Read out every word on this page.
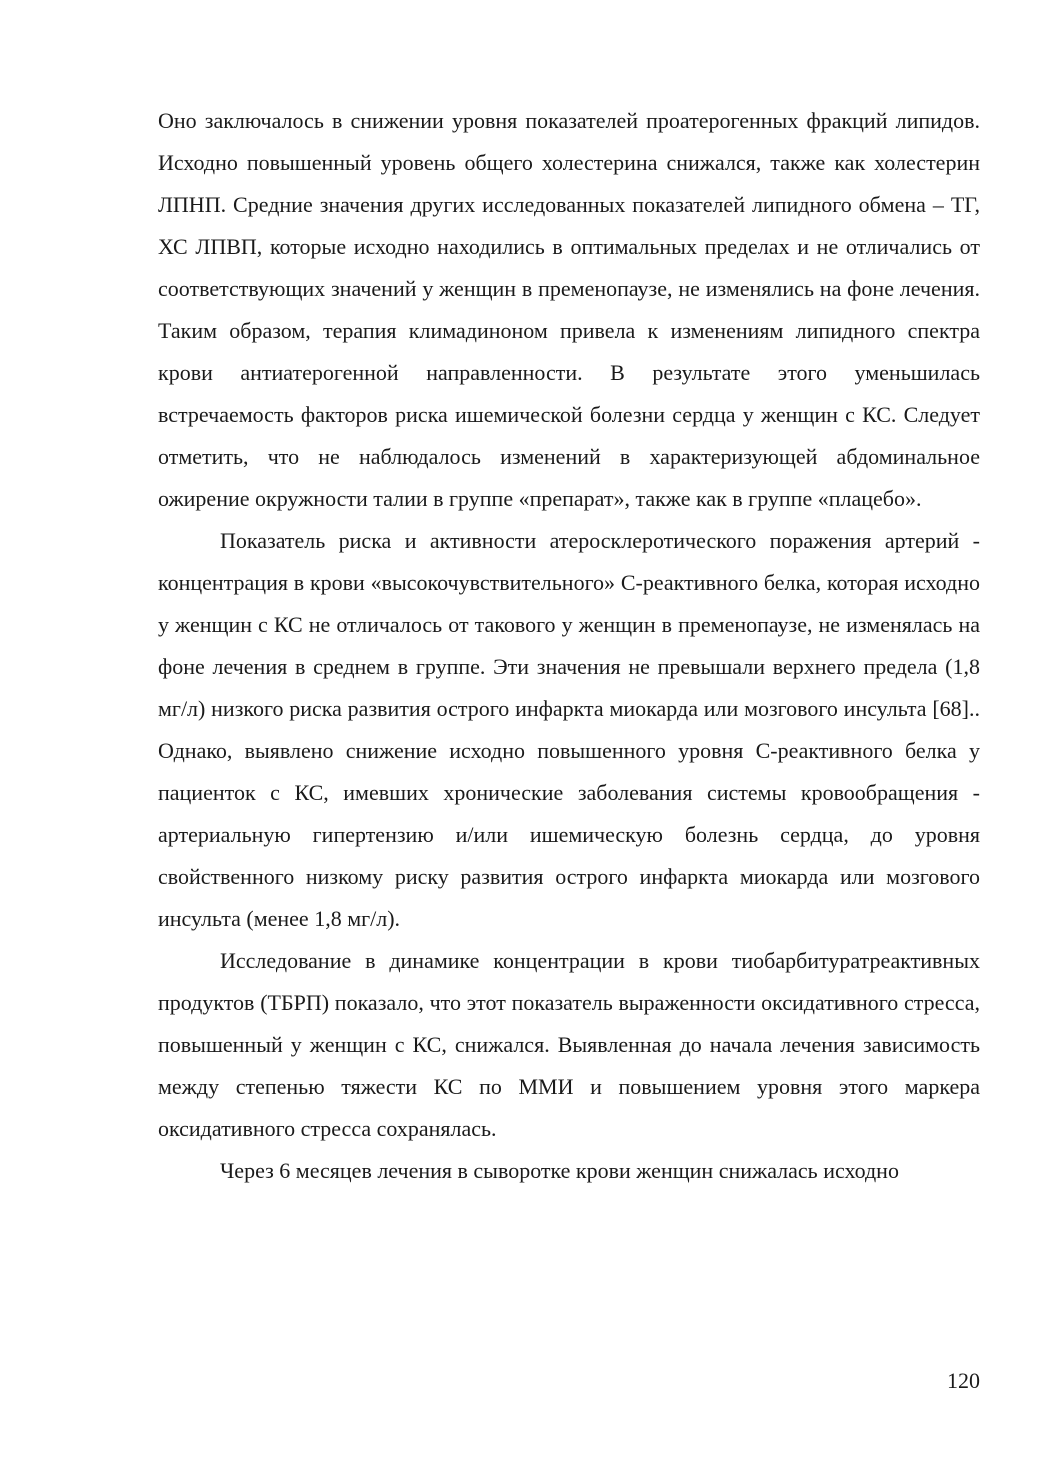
Оно заключалось в снижении уровня показателей проатерогенных фракций липидов. Исходно повышенный уровень общего холестерина снижался, также как холестерин ЛПНП. Средние значения других исследованных показателей липидного обмена – ТГ, ХС ЛПВП, которые исходно находились в оптимальных пределах и не отличались от соответствующих значений у женщин в пременопаузе, не изменялись на фоне лечения. Таким образом, терапия климадиноном привела к изменениям липидного спектра крови антиатерогенной направленности. В результате этого уменьшилась встречаемость факторов риска ишемической болезни сердца у женщин с КС. Следует отметить, что не наблюдалось изменений в характеризующей абдоминальное ожирение окружности талии в группе «препарат», также как в группе «плацебо».

Показатель риска и активности атеросклеротического поражения артерий - концентрация в крови «высокочувствительного» С-реактивного белка, которая исходно у женщин с КС не отличалось от такового у женщин в пременопаузе, не изменялась на фоне лечения в среднем в группе. Эти значения не превышали верхнего предела (1,8 мг/л) низкого риска развития острого инфаркта миокарда или мозгового инсульта [68].. Однако, выявлено снижение исходно повышенного уровня С-реактивного белка у пациенток с КС, имевших хронические заболевания системы кровообращения - артериальную гипертензию и/или ишемическую болезнь сердца, до уровня свойственного низкому риску развития острого инфаркта миокарда или мозгового инсульта (менее 1,8 мг/л).

Исследование в динамике концентрации в крови тиобарбитуратреактивных продуктов (ТБРП) показало, что этот показатель выраженности оксидативного стресса, повышенный у женщин с КС, снижался. Выявленная до начала лечения зависимость между степенью тяжести КС по ММИ и повышением уровня этого маркера оксидативного стресса сохранялась.

Через 6 месяцев лечения в сыворотке крови женщин снижалась исходно

120
